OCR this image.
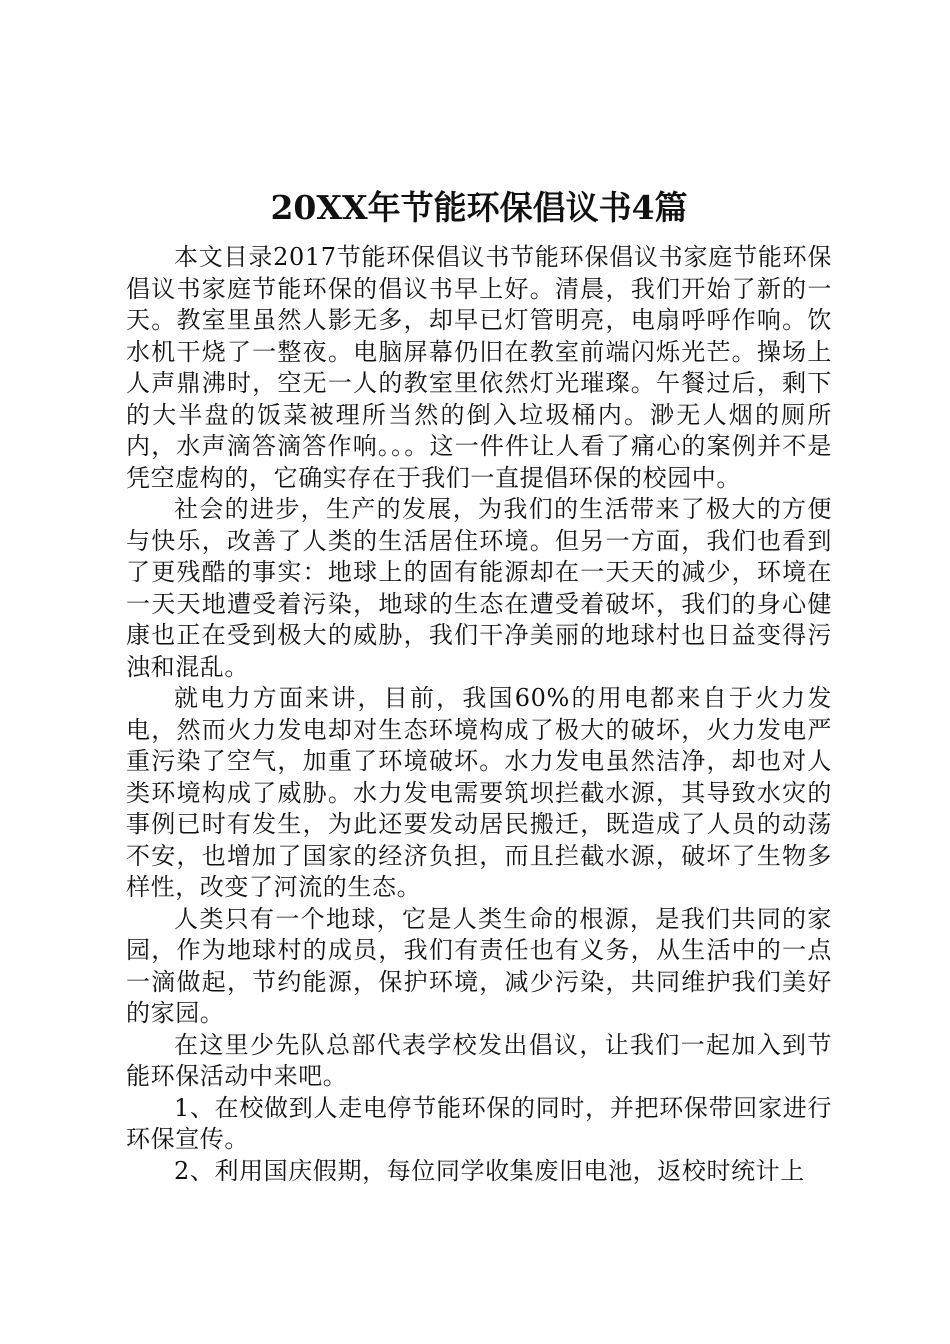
20XX年节能环保倡议书4篇

本文目录2017节能环保倡议书节能环保倡议书家庭节能环保倡议书家庭节能环保的倡议书早上好。清晨，我们开始了新的一天。教室里虽然人影无多，却早已灯管明亮，电扇呼呼作响。饮水机干烧了一整夜。电脑屏幕仍旧在教室前端闪烁光芒。操场上人声鼎沸时，空无一人的教室里依然灯光璀璨。午餐过后，剩下的大半盘的饭菜被理所当然的倒入垃圾桶内。渺无人烟的厕所内，水声滴答滴答作响。。。这一件件让人看了痛心的案例并不是凭空虚构的，它确实存在于我们一直提倡环保的校园中。

社会的进步，生产的发展，为我们的生活带来了极大的方便与快乐，改善了人类的生活居住环境。但另一方面，我们也看到了更残酷的事实：地球上的固有能源却在一天天的减少，环境在一天天地遭受着污染，地球的生态在遭受着破坏，我们的身心健康也正在受到极大的威胁，我们干净美丽的地球村也日益变得污浊和混乱。

就电力方面来讲，目前，我国60%的用电都来自于火力发电，然而火力发电却对生态环境构成了极大的破坏，火力发电严重污染了空气，加重了环境破坏。水力发电虽然洁净，却也对人类环境构成了威胁。水力发电需要筑坝拦截水源，其导致水灾的事例已时有发生，为此还要发动居民搬迁，既造成了人员的动荡不安，也增加了国家的经济负担，而且拦截水源，破坏了生物多样性，改变了河流的生态。

人类只有一个地球，它是人类生命的根源，是我们共同的家园，作为地球村的成员，我们有责任也有义务，从生活中的一点一滴做起，节约能源，保护环境，减少污染，共同维护我们美好的家园。

在这里少先队总部代表学校发出倡议，让我们一起加入到节能环保活动中来吧。

1、在校做到人走电停节能环保的同时，并把环保带回家进行环保宣传。

2、利用国庆假期，每位同学收集废旧电池，返校时统计上
